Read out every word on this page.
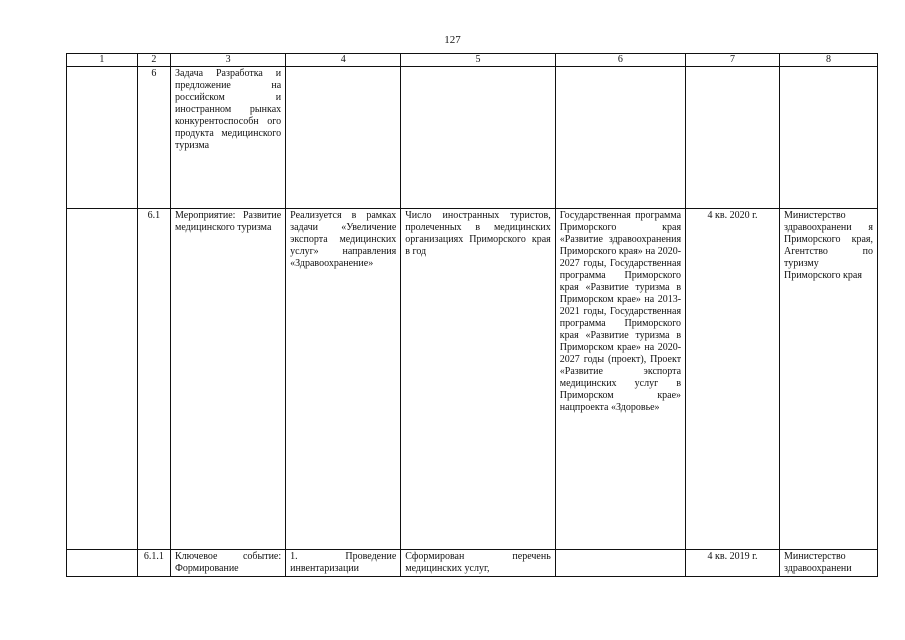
127
1	2	3	4	5	6	7	8
	6	Задача Разработка и предложение на российском и иностранном рынках конкурентоспособн ого продукта медицинского туризма					
	6.1	Мероприятие: Развитие медицинского туризма	Реализуется в рамках задачи «Увеличение экспорта медицинских услуг» направления «Здравоохранение»	Число иностранных туристов, пролеченных в медицинских организациях Приморского края в год	Государственная программа Приморского края «Развитие здравоохранения Приморского края» на 2020-2027 годы, Государственная программа Приморского края «Развитие туризма в Приморском крае» на 2013-2021 годы, Государственная программа Приморского края «Развитие туризма в Приморском крае» на 2020-2027 годы (проект), Проект «Развитие экспорта медицинских услуг в Приморском крае» нацпроекта «Здоровье»	4 кв. 2020 г.	Министерство здравоохранени я Приморского края, Агентство по туризму Приморского края
	6.1.1	Ключевое событие: Формирование	1. Проведение инвентаризации	Сформирован перечень медицинских услуг,		4 кв. 2019 г.	Министерство здравоохранени
